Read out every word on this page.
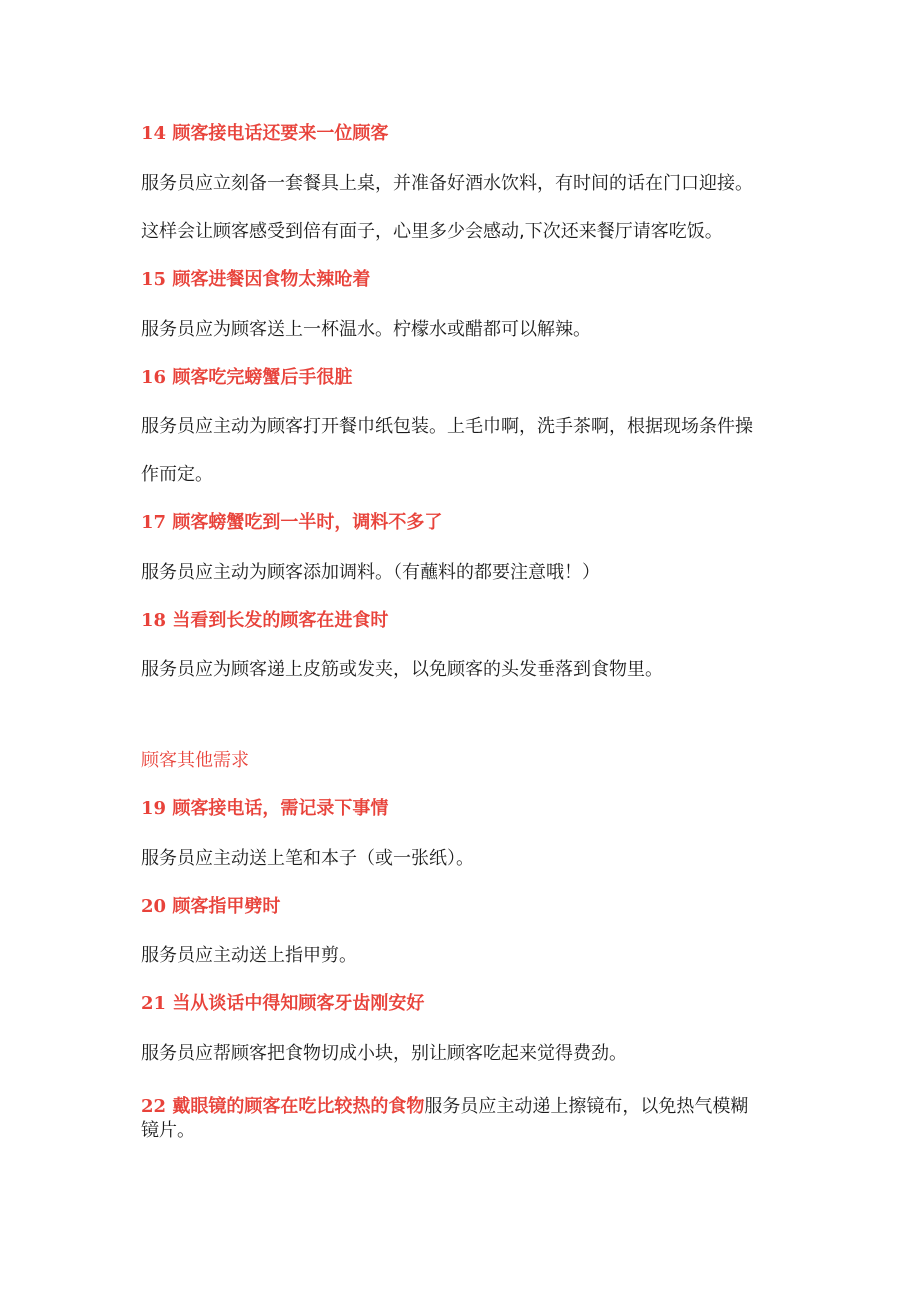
14 顾客接电话还要来一位顾客
服务员应立刻备一套餐具上桌，并准备好酒水饮料，有时间的话在门口迎接。
这样会让顾客感受到倍有面子，心里多少会感动,下次还来餐厅请客吃饭。
15 顾客进餐因食物太辣呛着
服务员应为顾客送上一杯温水。柠檬水或醋都可以解辣。
16 顾客吃完螃蟹后手很脏
服务员应主动为顾客打开餐巾纸包装。上毛巾啊，洗手茶啊，根据现场条件操
作而定。
17 顾客螃蟹吃到一半时，调料不多了
服务员应主动为顾客添加调料。（有蘸料的都要注意哦！）
18 当看到长发的顾客在进食时
服务员应为顾客递上皮筋或发夹，以免顾客的头发垂落到食物里。
顾客其他需求
19 顾客接电话，需记录下事情
服务员应主动送上笔和本子（或一张纸）。
20 顾客指甲劈时
服务员应主动送上指甲剪。
21 当从谈话中得知顾客牙齿刚安好
服务员应帮顾客把食物切成小块，别让顾客吃起来觉得费劲。
22 戴眼镜的顾客在吃比较热的食物服务员应主动递上擦镜布，以免热气模糊
镜片。
